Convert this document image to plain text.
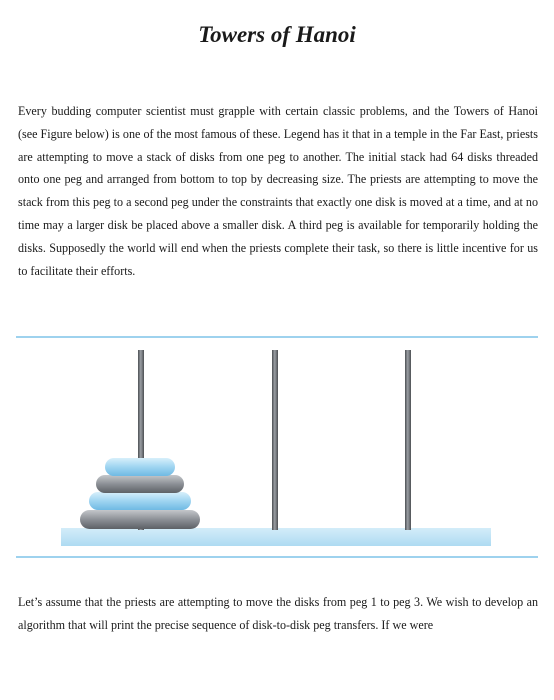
Towers of Hanoi

Every budding computer scientist must grapple with certain classic problems, and the Towers of Hanoi (see Figure below) is one of the most famous of these. Legend has it that in a temple in the Far East, priests are attempting to move a stack of disks from one peg to another. The initial stack had 64 disks threaded onto one peg and arranged from bottom to top by decreasing size. The priests are attempting to move the stack from this peg to a second peg under the constraints that exactly one disk is moved at a time, and at no time may a larger disk be placed above a smaller disk. A third peg is available for temporarily holding the disks. Supposedly the world will end when the priests complete their task, so there is little incentive for us to facilitate their efforts.

Let’s assume that the priests are attempting to move the disks from peg 1 to peg 3. We wish to develop an algorithm that will print the precise sequence of disk-to-disk peg transfers. If we were
